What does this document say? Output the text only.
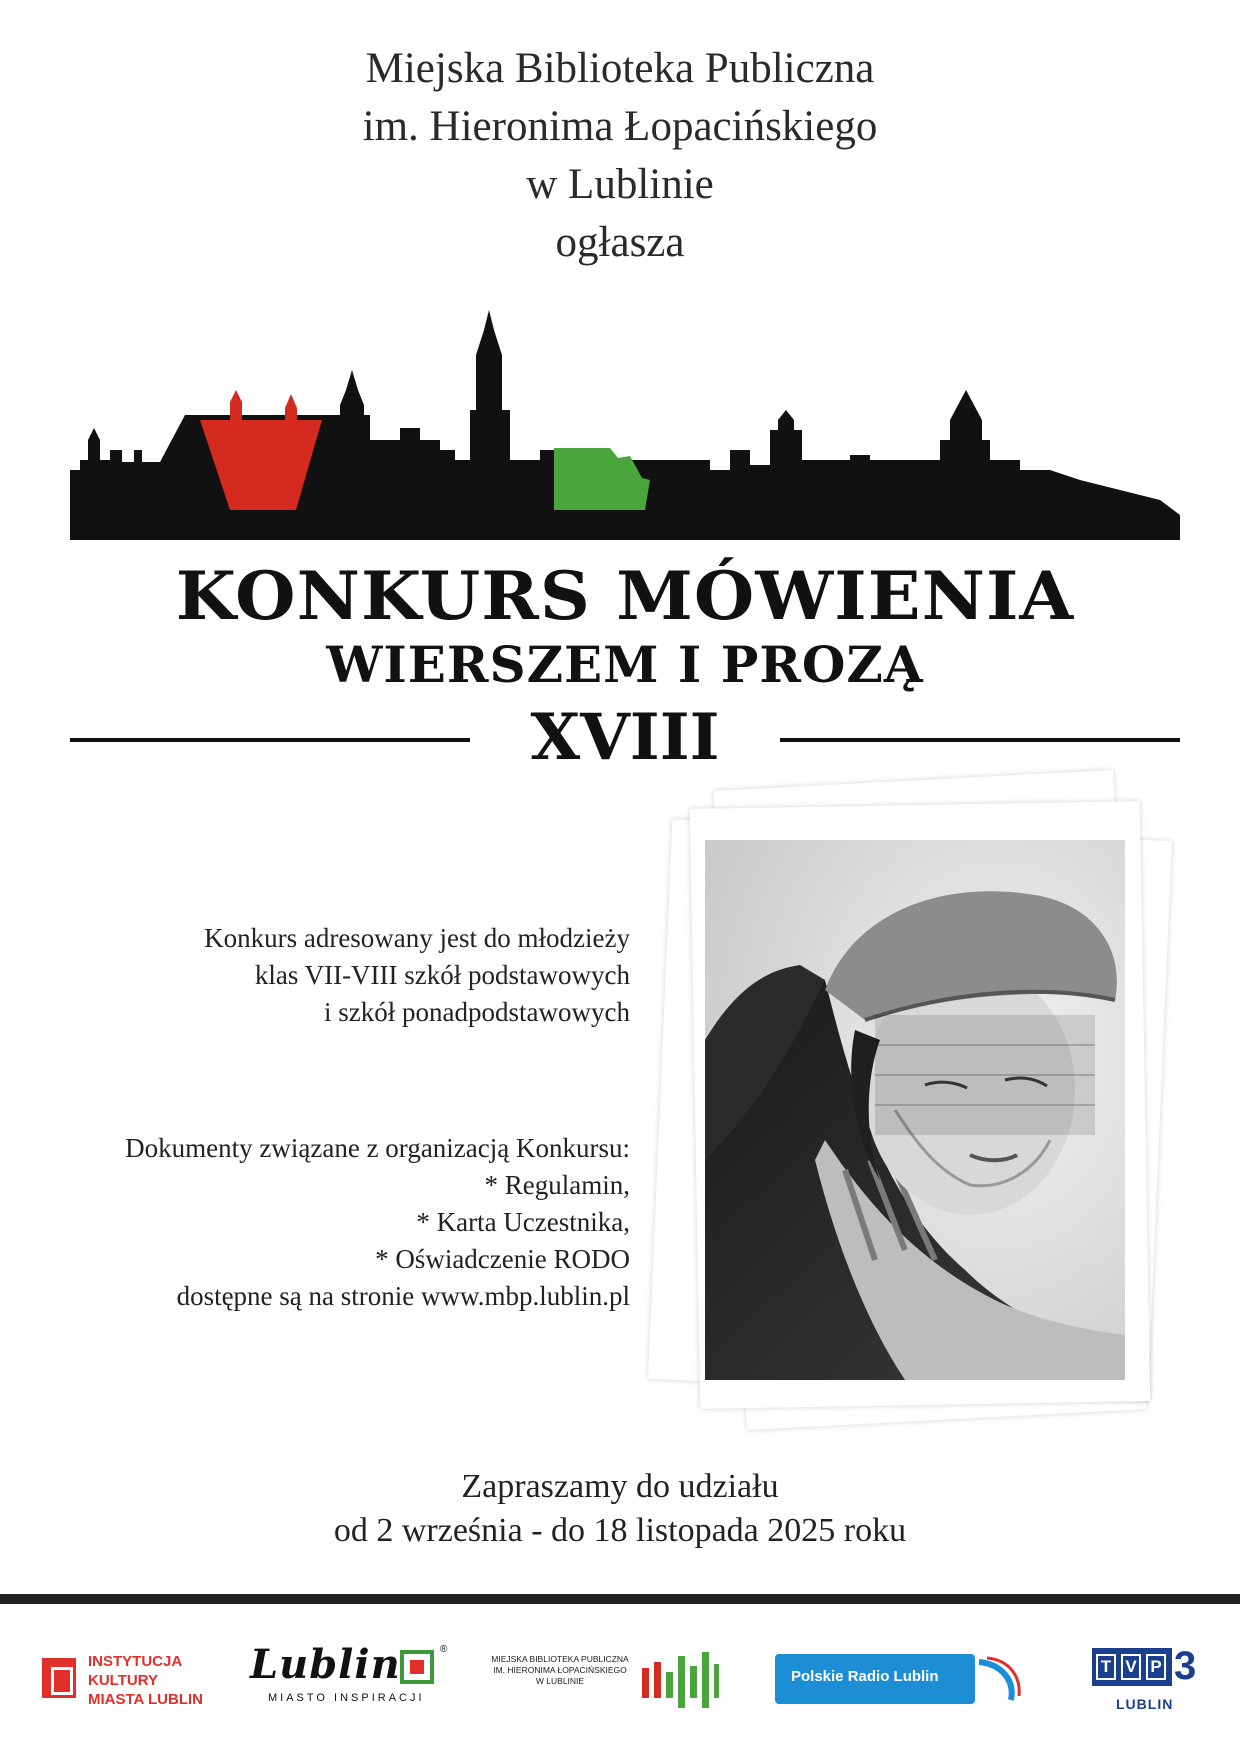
Miejska Biblioteka Publiczna
im. Hieronima Łopacińskiego
w Lublinie
ogłasza
KONKURS MÓWIENIA
WIERSZEM I PROZĄ
XVIII
Konkurs adresowany jest do młodzieży
klas VII-VIII szkół podstawowych
i szkół ponadpodstawowych
Dokumenty związane z organizacją Konkursu:
* Regulamin,
* Karta Uczestnika,
* Oświadczenie RODO
dostępne są na stronie www.mbp.lublin.pl
Zapraszamy do udziału
od 2 września - do 18 listopada 2025 roku
INSTYTUCJA
KULTURY
MIASTA LUBLIN
Lublin	®
MIASTO INSPIRACJI
MIEJSKA BIBLIOTEKA PUBLICZNA
IM. HIERONIMA ŁOPACIŃSKIEGO
W LUBLINIE	Polskie Radio Lublin
T V P 3
LUBLIN
